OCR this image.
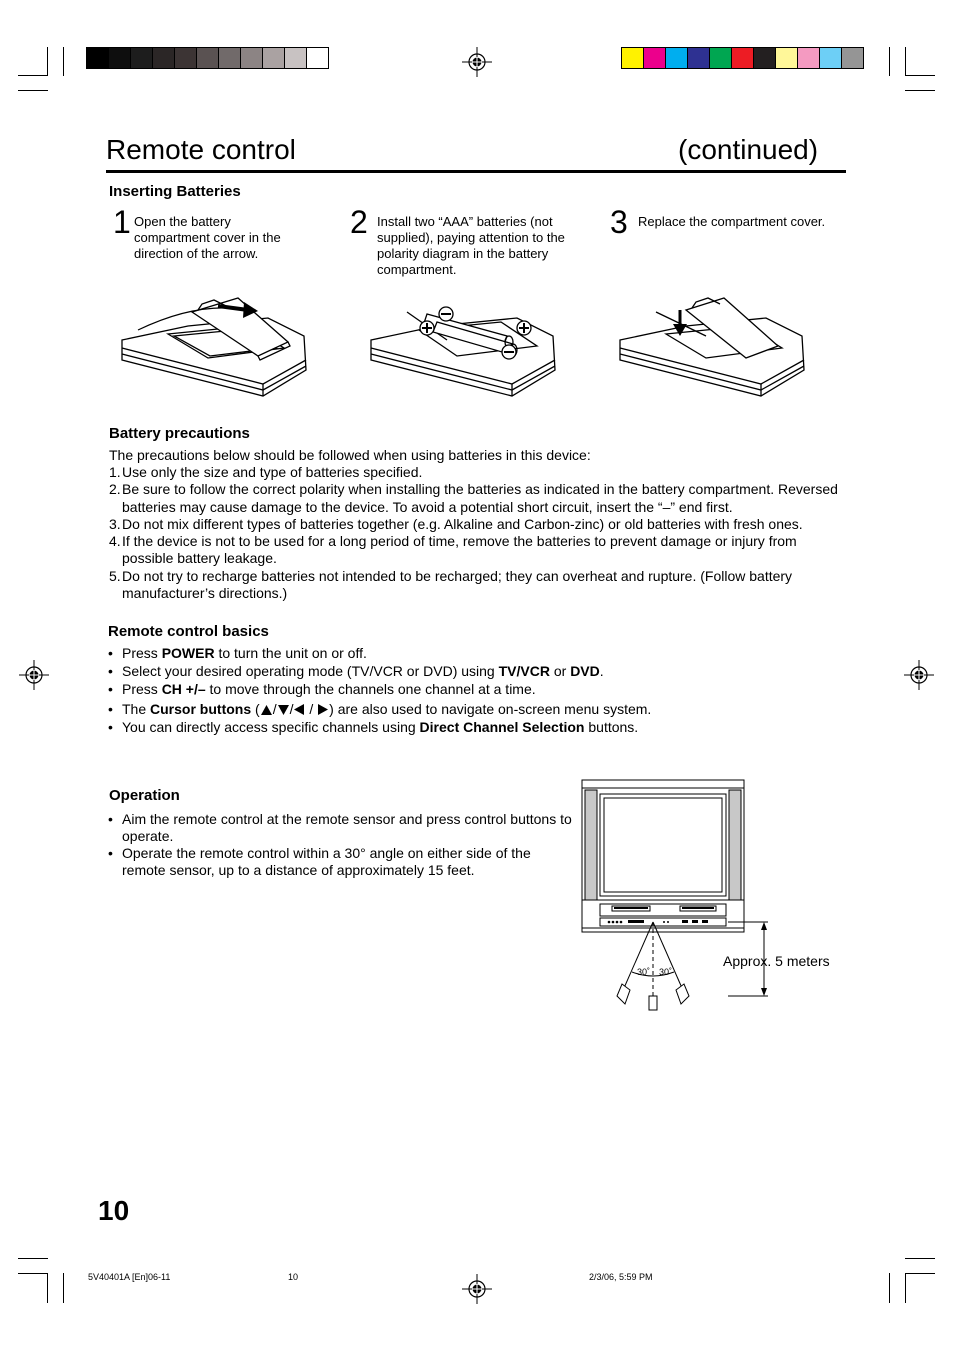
Remote control	(continued)
Inserting Batteries
1 Open the battery compartment cover in the direction of the arrow.
2 Install two “AAA” batteries (not supplied), paying attention to the polarity diagram in the battery compartment.
3 Replace the compartment cover.
Battery precautions
The precautions below should be followed when using batteries in this device:
1. Use only the size and type of batteries specified.
2. Be sure to follow the correct polarity when installing the batteries as indicated in the battery compartment. Reversed batteries may cause damage to the device. To avoid a potential short circuit, insert the “–” end first.
3. Do not mix different types of batteries together (e.g. Alkaline and Carbon-zinc) or old batteries with fresh ones.
4. If the device is not to be used for a long period of time, remove the batteries to prevent damage or injury from possible battery leakage.
5. Do not try to recharge batteries not intended to be recharged; they can overheat and rupture. (Follow battery manufacturer’s directions.)
Remote control basics
• Press POWER to turn the unit on or off.
• Select your desired operating mode (TV/VCR or DVD) using TV/VCR or DVD.
• Press CH +/– to move through the channels one channel at a time.
• The Cursor buttons ( / / / ) are also used to navigate on-screen menu system.
• You can directly access specific channels using Direct Channel Selection buttons.
Operation
• Aim the remote control at the remote sensor and press control buttons to operate.
• Operate the remote control within a 30° angle on either side of the remote sensor, up to a distance of approximately 15 feet.
30˚ 30˚
Approx. 5 meters
10
5V40401A [En]06-11	10	2/3/06, 5:59 PM
